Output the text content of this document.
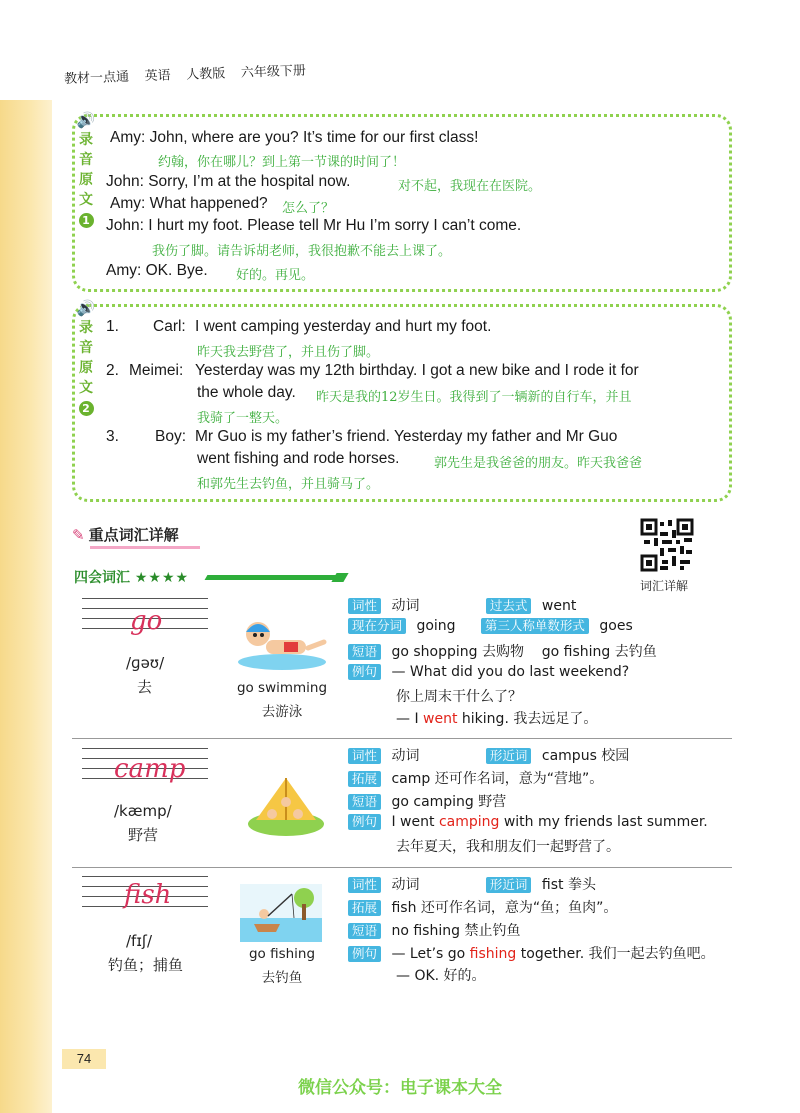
教材一点通 英语 人教版 六年级下册
🔊
录
音
原
文
1
Amy: John, where are you? It’s time for our first class!
约翰，你在哪儿？到上第一节课的时间了！
John: Sorry, I’m at the hospital now.	对不起，我现在在医院。
Amy: What happened? 怎么了？
John: I hurt my foot. Please tell Mr Hu I’m sorry I can’t come.
我伤了脚。请告诉胡老师，我很抱歉不能去上课了。
Amy: OK. Bye. 好的。再见。
🔊
录
音
原
文
2
1. Carl: I went camping yesterday and hurt my foot.
昨天我去野营了，并且伤了脚。
2. Meimei: Yesterday was my 12th birthday. I got a new bike and I rode it for
the whole day. 昨天是我的12岁生日。我得到了一辆新的自行车，并且
我骑了一整天。
3. Boy: Mr Guo is my father’s friend. Yesterday my father and Mr Guo
went fishing and rode horses.	郭先生是我爸爸的朋友。昨天我爸爸
和郭先生去钓鱼，并且骑马了。
✎ 重点词汇详解
词汇详解
四会词汇 ★★★★
go
/ɡəʊ/
去	go swimming
去游泳
词性 动词	过去式 went
现在分词 going 第三人称单数形式 goes
短语 go shopping 去购物    go fishing 去钓鱼
例句 — What did you do last weekend?
你上周末干什么了？
— I went hiking. 我去远足了。
camp
/kæmp/
野营
词性 动词	形近词 campus 校园
拓展 camp 还可作名词，意为“营地”。
短语 go camping 野营
例句 I went camping with my friends last summer.
去年夏天，我和朋友们一起野营了。
fish
/fɪʃ/
钓鱼；捕鱼
go fishing
去钓鱼
词性 动词	形近词 fist 拳头
拓展 fish 还可作名词，意为“鱼；鱼肉”。
短语 no fishing 禁止钓鱼
例句 — Let’s go fishing together. 我们一起去钓鱼吧。
— OK. 好的。
74
微信公众号：电子课本大全
